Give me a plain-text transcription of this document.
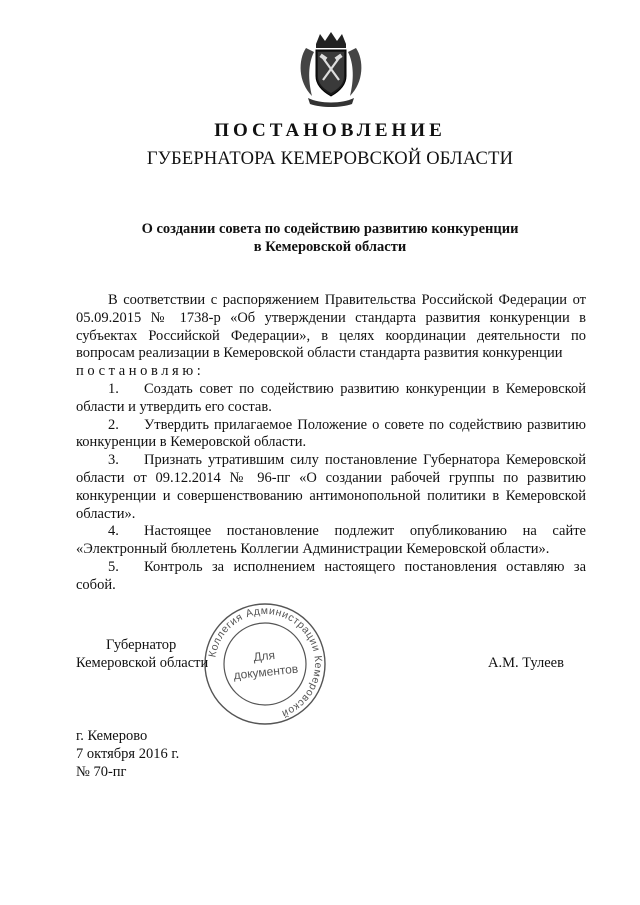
ПОСТАНОВЛЕНИЕ
ГУБЕРНАТОРА КЕМЕРОВСКОЙ ОБЛАСТИ
О создании совета по содействию развитию конкуренции
в Кемеровской области

В соответствии с распоряжением Правительства Российской Федерации от 05.09.2015 № 1738-р «Об утверждении стандарта развития конкуренции в субъектах Российской Федерации», в целях координации деятельности по вопросам реализации в Кемеровской области стандарта развития конкуренции

постановляю:

1. Создать совет по содействию развитию конкуренции в Кемеровской области и утвердить его состав.

2. Утвердить прилагаемое Положение о совете по содействию развитию конкуренции в Кемеровской области.

3. Признать утратившим силу постановление Губернатора Кемеровской области от 09.12.2014 № 96-пг «О создании рабочей группы по развитию конкуренции и совершенствованию антимонопольной политики в Кемеровской области».

4. Настоящее постановление подлежит опубликованию на сайте «Электронный бюллетень Коллегии Администрации Кемеровской области».

5. Контроль за исполнением настоящего постановления оставляю за собой.

Коллегия Администрации Кемеровской
Для
документов
Губернатор
Кемеровской области	А.М. Тулеев
г. Кемерово
7 октября 2016 г.
№ 70-пг
